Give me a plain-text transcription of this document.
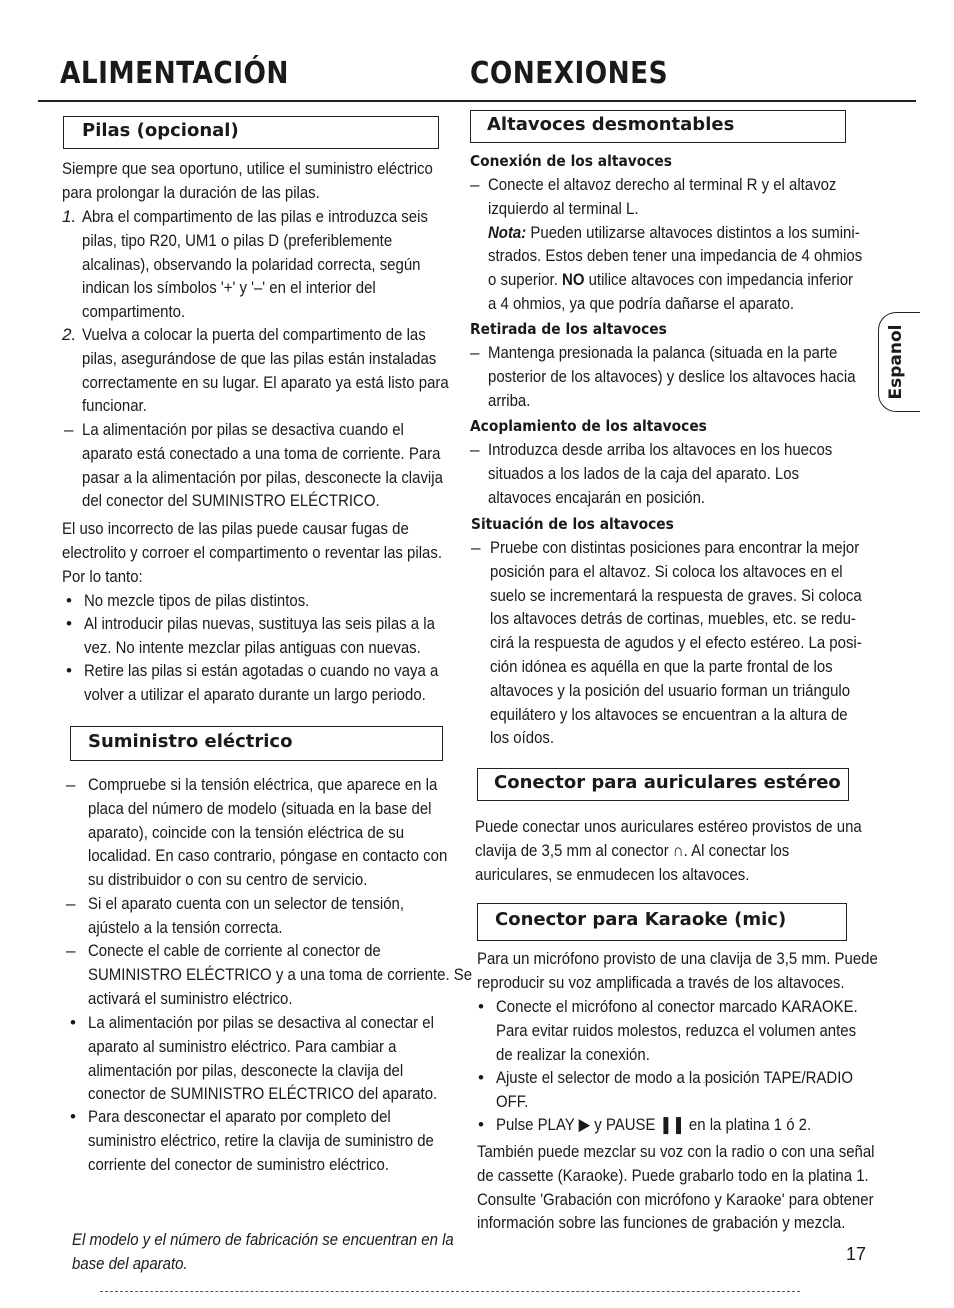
ALIMENTACIÓN	CONEXIONES
Espanol
Pilas (opcional)
Siempre que sea oportuno, utilice el suministro eléctrico
para prolongar la duración de las pilas.
1. Abra el compartimento de las pilas e introduzca seis
pilas, tipo R20, UM1 o pilas D (preferiblemente
alcalinas), observando la polaridad correcta, según
indican los símbolos '+' y '–' en el interior del
compartimento.
2. Vuelva a colocar la puerta del compartimento de las
pilas, asegurándose de que las pilas están instaladas
correctamente en su lugar. El aparato ya está listo para
funcionar.
– La alimentación por pilas se desactiva cuando el
aparato está conectado a una toma de corriente. Para
pasar a la alimentación por pilas, desconecte la clavija
del conector del SUMINISTRO ELÉCTRICO.
El uso incorrecto de las pilas puede causar fugas de
electrolito y corroer el compartimento o reventar las pilas.
Por lo tanto:
• No mezcle tipos de pilas distintos.
• Al introducir pilas nuevas, sustituya las seis pilas a la
vez. No intente mezclar pilas antiguas con nuevas.
• Retire las pilas si están agotadas o cuando no vaya a
volver a utilizar el aparato durante un largo periodo.
Suministro eléctrico
– Compruebe si la tensión eléctrica, que aparece en la
placa del número de modelo (situada en la base del
aparato), coincide con la tensión eléctrica de su
localidad. En caso contrario, póngase en contacto con
su distribuidor o con su centro de servicio.
– Si el aparato cuenta con un selector de tensión,
ajústelo a la tensión correcta.
– Conecte el cable de corriente al conector de
SUMINISTRO ELÉCTRICO y a una toma de corriente. Se
activará el suministro eléctrico.
• La alimentación por pilas se desactiva al conectar el
aparato al suministro eléctrico. Para cambiar a
alimentación por pilas, desconecte la clavija del
conector de SUMINISTRO ELÉCTRICO del aparato.
• Para desconectar el aparato por completo del
suministro eléctrico, retire la clavija de suministro de
corriente del conector de suministro eléctrico.
El modelo y el número de fabricación se encuentran en la
base del aparato.
Altavoces desmontables
Conexión de los altavoces
– Conecte el altavoz derecho al terminal R y el altavoz
izquierdo al terminal L.
Nota: Pueden utilizarse altavoces distintos a los sumini-
strados. Estos deben tener una impedancia de 4 ohmios
o superior. NO utilice altavoces con impedancia inferior
a 4 ohmios, ya que podría dañarse el aparato.
Retirada de los altavoces
– Mantenga presionada la palanca (situada en la parte
posterior de los altavoces) y deslice los altavoces hacia
arriba.
Acoplamiento de los altavoces
– Introduzca desde arriba los altavoces en los huecos
situados a los lados de la caja del aparato. Los
altavoces encajarán en posición.
Situación de los altavoces
– Pruebe con distintas posiciones para encontrar la mejor
posición para el altavoz. Si coloca los altavoces en el
suelo se incrementará la respuesta de graves. Si coloca
los altavoces detrás de cortinas, muebles, etc. se redu-
cirá la respuesta de agudos y el efecto estéreo. La posi-
ción idónea es aquélla en que la parte frontal de los
altavoces y la posición del usuario forman un triángulo
equilátero y los altavoces se encuentran a la altura de
los oídos.
Conector para auriculares estéreo
Puede conectar unos auriculares estéreo provistos de una
clavija de 3,5 mm al conector ∩. Al conectar los
auriculares, se enmudecen los altavoces.
Conector para Karaoke (mic)
Para un micrófono provisto de una clavija de 3,5 mm. Puede
reproducir su voz amplificada a través de los altavoces.
• Conecte el micrófono al conector marcado KARAOKE.
Para evitar ruidos molestos, reduzca el volumen antes
de realizar la conexión.
• Ajuste el selector de modo a la posición TAPE/RADIO
OFF.
• Pulse PLAY ▶ y PAUSE ❚❚ en la platina 1 ó 2.
También puede mezclar su voz con la radio o con una señal
de cassette (Karaoke). Puede grabarlo todo en la platina 1.
Consulte 'Grabación con micrófono y Karaoke' para obtener
información sobre las funciones de grabación y mezcla.
17
